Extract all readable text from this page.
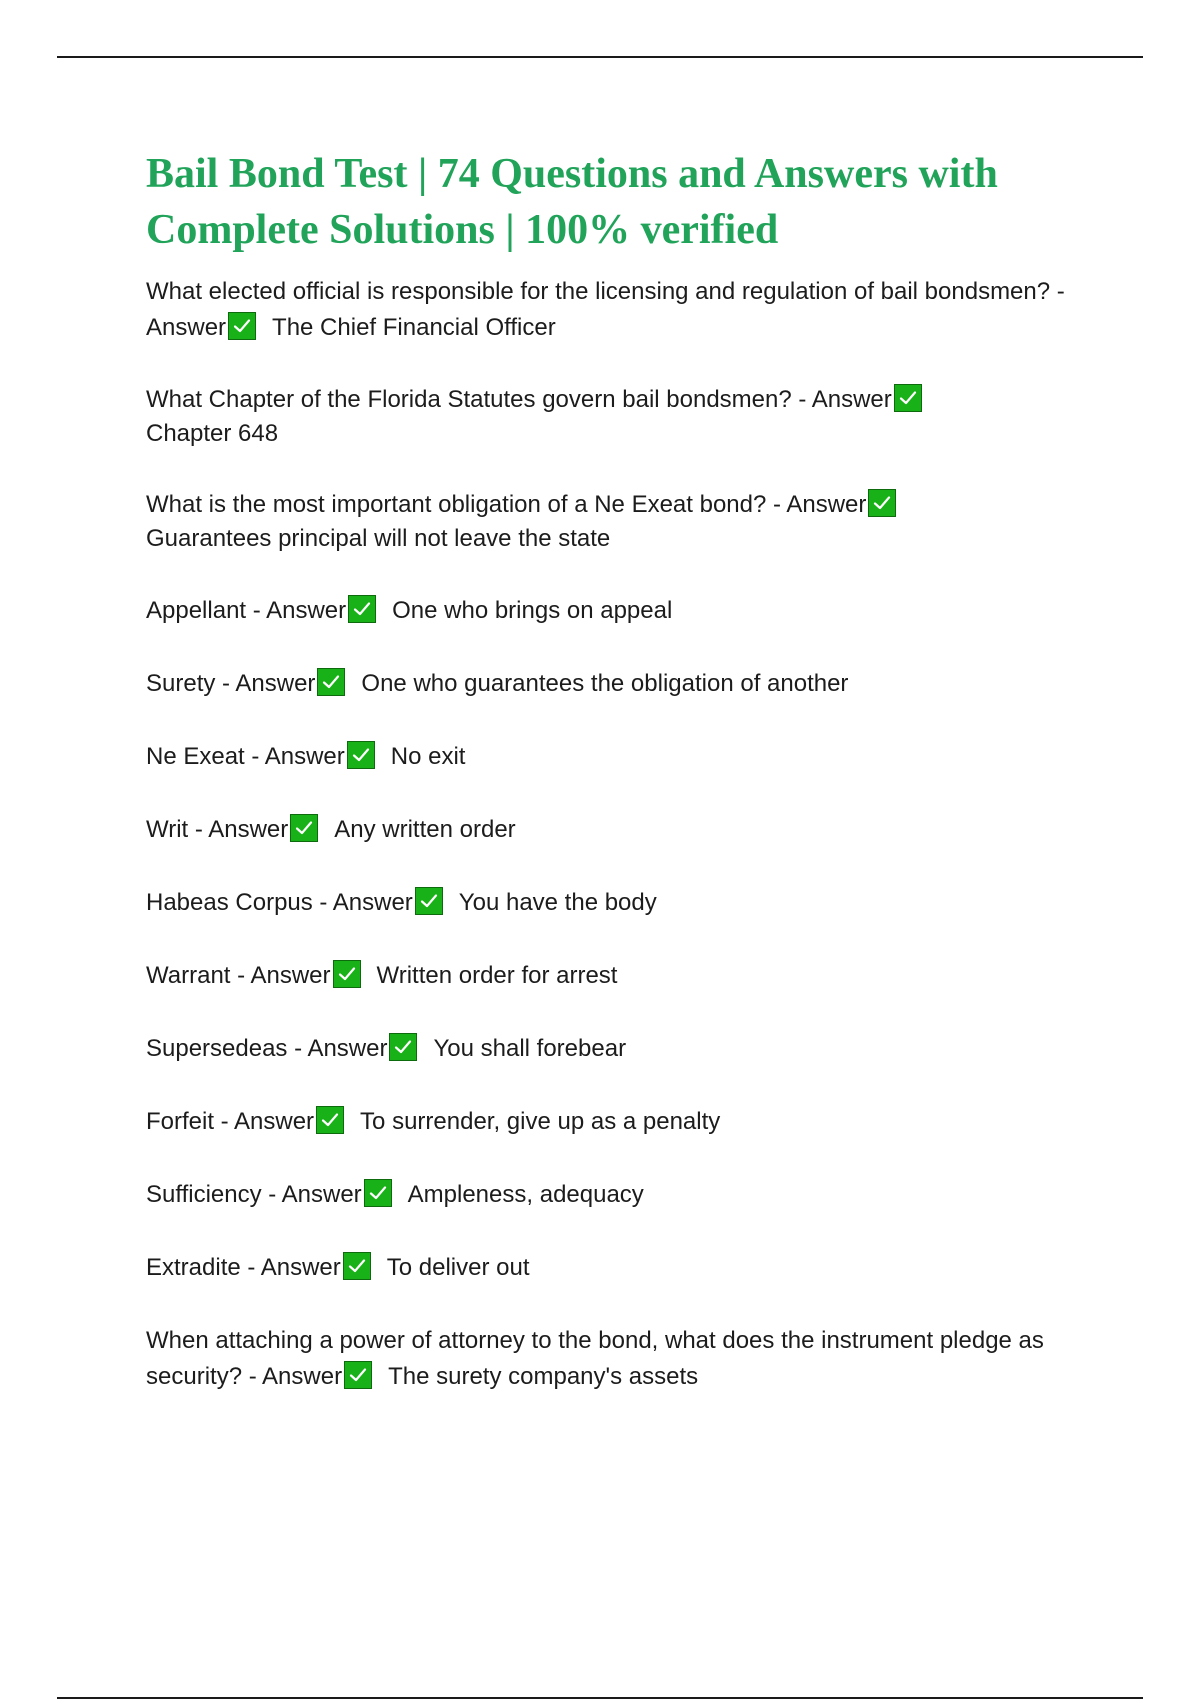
Bail Bond Test | 74 Questions and Answers with Complete Solutions | 100% verified
What elected official is responsible for the licensing and regulation of bail bondsmen? - Answer The Chief Financial Officer
What Chapter of the Florida Statutes govern bail bondsmen? - Answer
Chapter 648
What is the most important obligation of a Ne Exeat bond? - Answer
Guarantees principal will not leave the state
Appellant - Answer One who brings on appeal
Surety - Answer One who guarantees the obligation of another
Ne Exeat - Answer No exit
Writ - Answer Any written order
Habeas Corpus - Answer You have the body
Warrant - Answer Written order for arrest
Supersedeas - Answer You shall forebear
Forfeit - Answer To surrender, give up as a penalty
Sufficiency - Answer Ampleness, adequacy
Extradite - Answer To deliver out
When attaching a power of attorney to the bond, what does the instrument pledge as security? - Answer The surety company's assets
